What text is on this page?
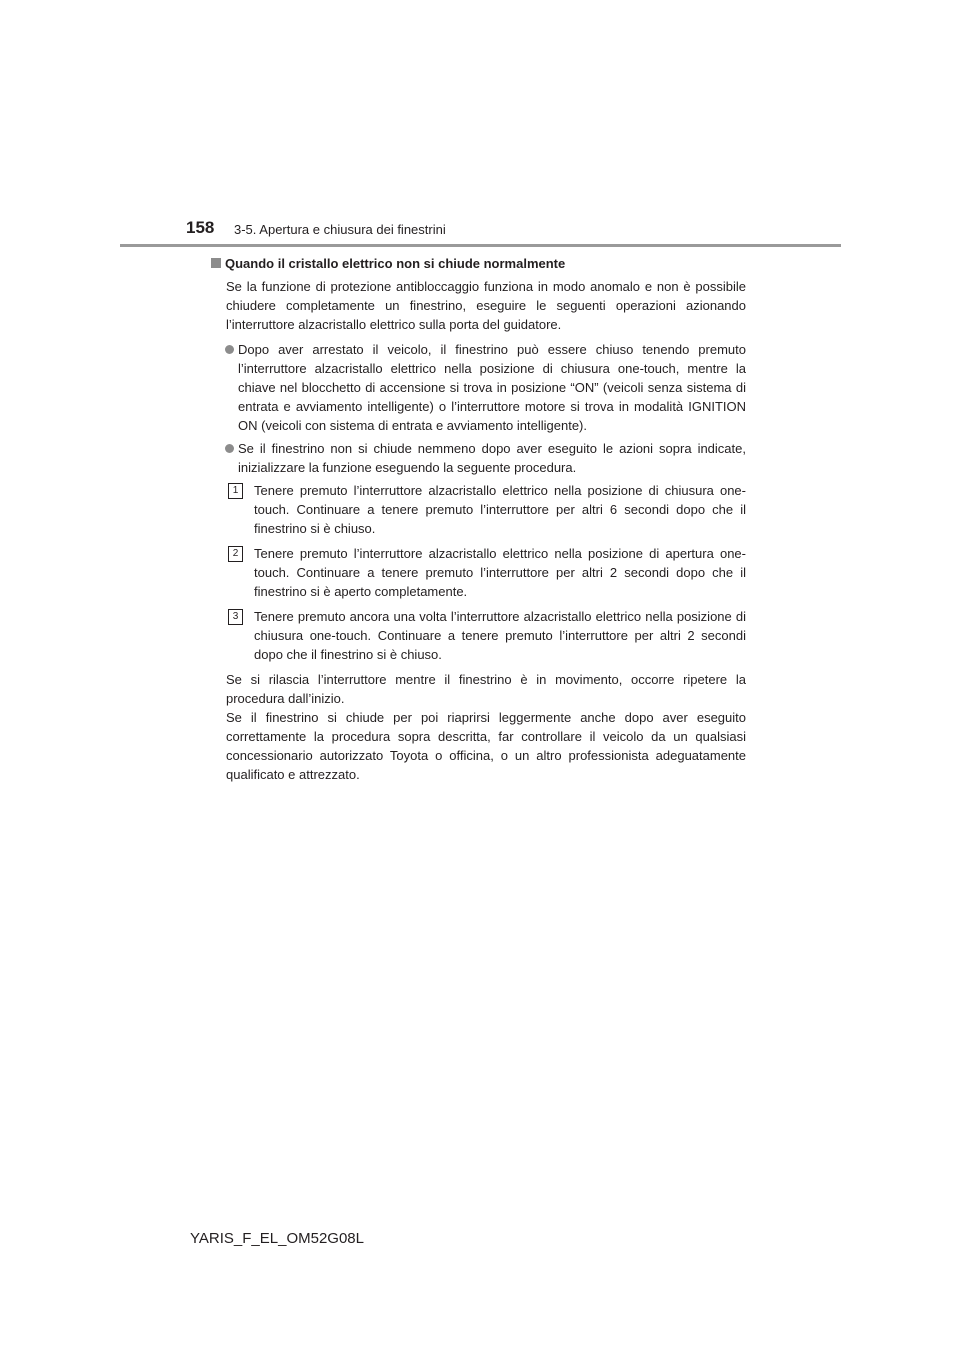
158 3-5. Apertura e chiusura dei finestrini
Quando il cristallo elettrico non si chiude normalmente

Se la funzione di protezione antibloccaggio funziona in modo anomalo e non è possibile chiudere completamente un finestrino, eseguire le seguenti operazioni azionando l’interruttore alzacristallo elettrico sulla porta del guidatore.

Dopo aver arrestato il veicolo, il finestrino può essere chiuso tenendo premuto l’interruttore alzacristallo elettrico nella posizione di chiusura one-touch, mentre la chiave nel blocchetto di accensione si trova in posizione “ON” (veicoli senza sistema di entrata e avviamento intelligente) o l’interruttore motore si trova in modalità IGNITION ON (veicoli con sistema di entrata e avviamento intelligente).

Se il finestrino non si chiude nemmeno dopo aver eseguito le azioni sopra indicate, inizializzare la funzione eseguendo la seguente procedura.

1	Tenere premuto l’interruttore alzacristallo elettrico nella posizione di chiusura one-touch. Continuare a tenere premuto l’interruttore per altri 6 secondi dopo che il finestrino si è chiuso.

2	Tenere premuto l’interruttore alzacristallo elettrico nella posizione di apertura one-touch. Continuare a tenere premuto l’interruttore per altri 2 secondi dopo che il finestrino si è aperto completamente.

3	Tenere premuto ancora una volta l’interruttore alzacristallo elettrico nella posizione di chiusura one-touch. Continuare a tenere premuto l’interruttore per altri 2 secondi dopo che il finestrino si è chiuso.

Se si rilascia l’interruttore mentre il finestrino è in movimento, occorre ripetere la procedura dall’inizio.

Se il finestrino si chiude per poi riaprirsi leggermente anche dopo aver eseguito correttamente la procedura sopra descritta, far controllare il veicolo da un qualsiasi concessionario autorizzato Toyota o officina, o un altro professionista adeguatamente qualificato e attrezzato.

YARIS_F_EL_OM52G08L
